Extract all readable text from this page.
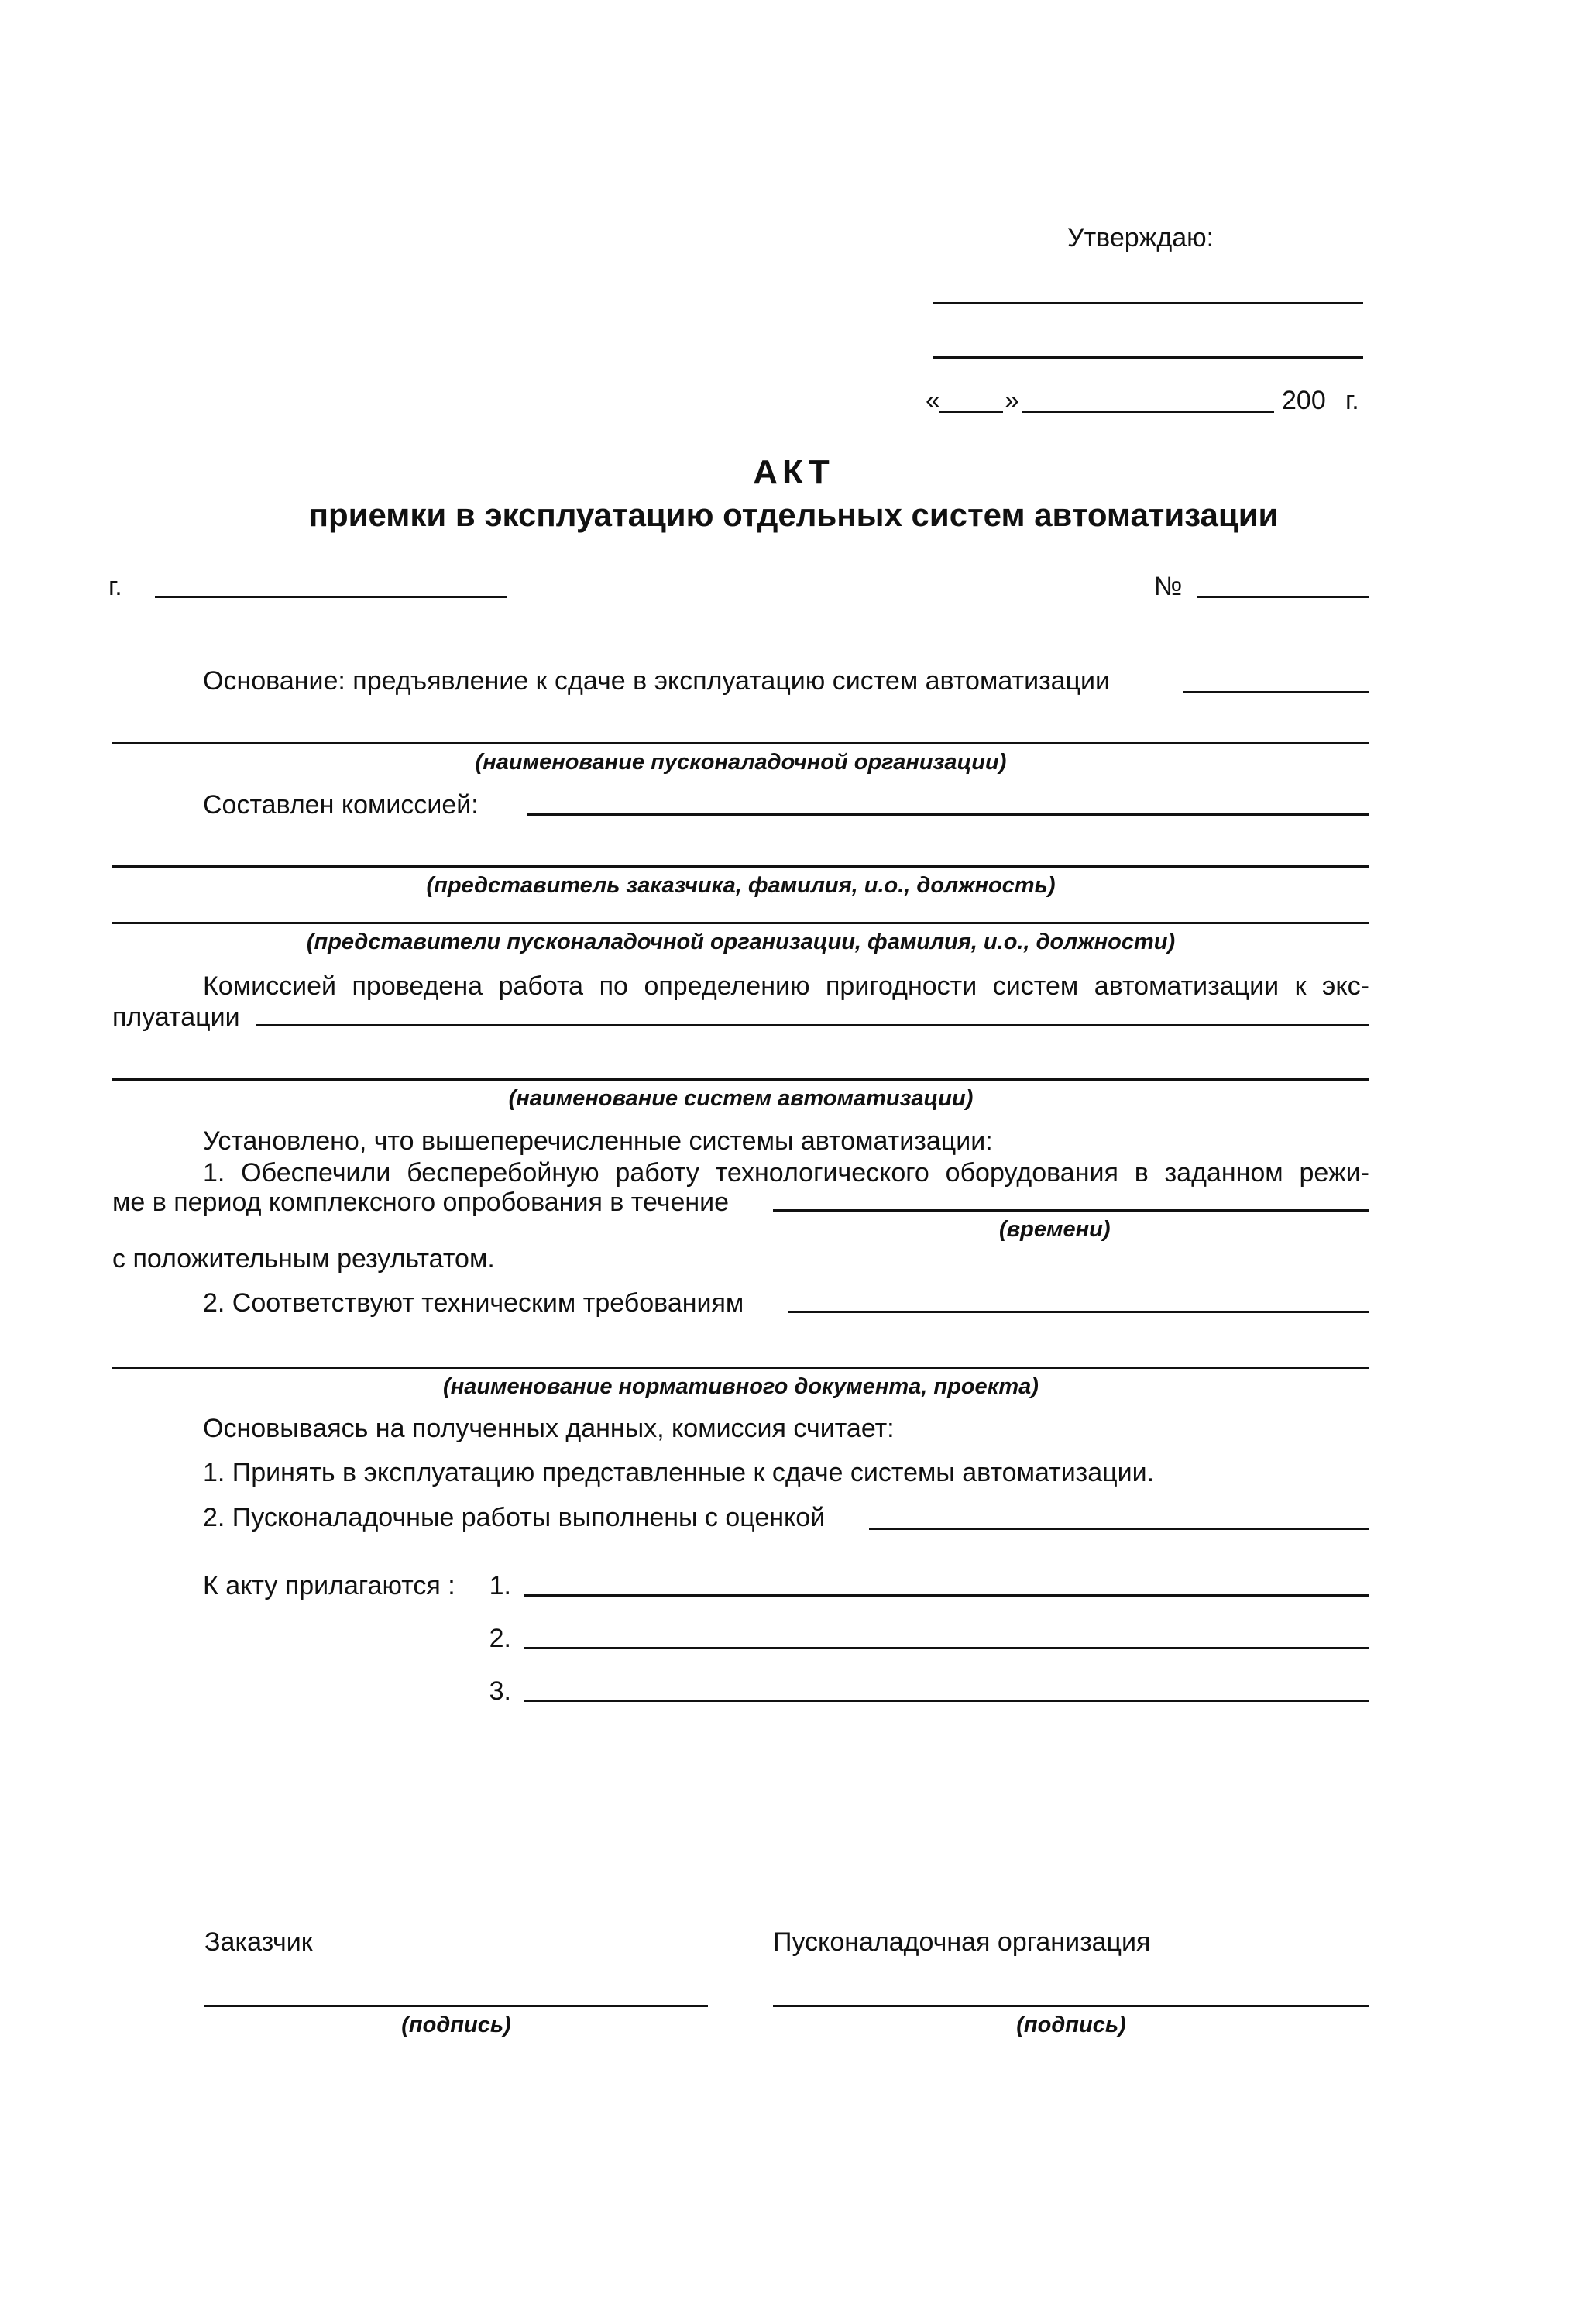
Утверждаю:
« »	200 г.
АКТ
приемки в эксплуатацию отдельных систем автоматизации
г.	№
Основание: предъявление к сдаче в эксплуатацию систем автоматизации
(наименование пусконаладочной организации)
Составлен комиссией:
(представитель заказчика, фамилия, и.о., должность)
(представители пусконаладочной организации, фамилия, и.о., должности)
Комиссией проведена работа по определению пригодности систем автоматизации к экс-
плуатации
(наименование систем автоматизации)
Установлено, что вышеперечисленные системы автоматизации:
1. Обеспечили бесперебойную работу технологического оборудования в заданном режи-
ме в период комплексного опробования в течение
(времени)
с положительным результатом.
2. Соответствуют техническим требованиям
(наименование нормативного документа, проекта)
Основываясь на полученных данных, комиссия считает:
1. Принять в эксплуатацию представленные к сдаче системы автоматизации.
2. Пусконаладочные работы выполнены с оценкой
К акту прилагаются :	1.
2.
3.
Заказчик	Пусконаладочная организация
(подпись)	(подпись)
